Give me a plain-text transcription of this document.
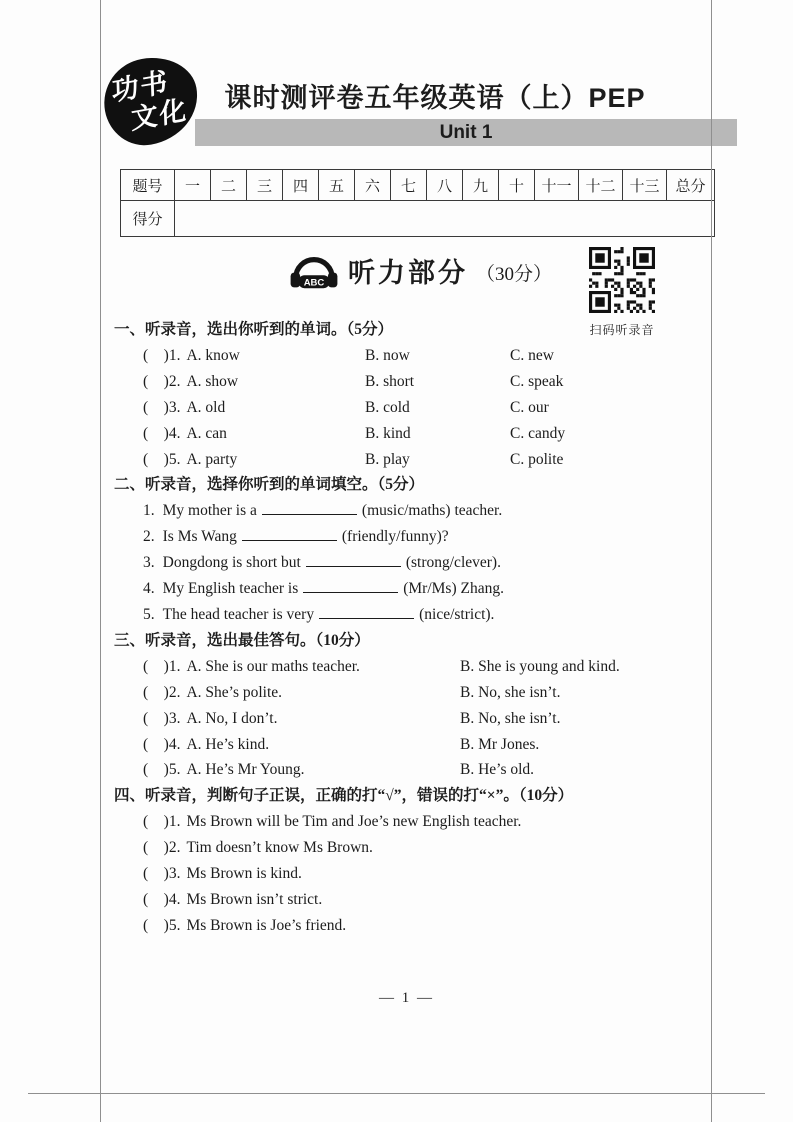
功书
文化	课时测评卷五年级英语（上）PEP
Unit 1
题号	一	二	三	四	五	六	七	八	九	十	十一	十二	十三	总分
得分														
ABC 听力部分 （30分）
扫码听录音
一、听录音，选出你听到的单词。（5分）
(    )1. A. know	B. now	C. new
(    )2. A. show	B. short	C. speak
(    )3. A. old	B. cold	C. our
(    )4. A. can	B. kind	C. candy
(    )5. A. party	B. play	C. polite
二、听录音，选择你听到的单词填空。（5分）
1. My mother is a	(music/maths) teacher.
2. Is Ms Wang	(friendly/funny)?
3. Dongdong is short but	(strong/clever).
4. My English teacher is	(Mr/Ms) Zhang.
5. The head teacher is very	(nice/strict).
三、听录音，选出最佳答句。（10分）
(    )1. A. She is our maths teacher.	B. She is young and kind.
(    )2. A. She’s polite.	B. No, she isn’t.
(    )3. A. No, I don’t.	B. No, she isn’t.
(    )4. A. He’s kind.	B. Mr Jones.
(    )5. A. He’s Mr Young.	B. He’s old.
四、听录音，判断句子正误，正确的打“√”，错误的打“×”。（10分）
(    )1. Ms Brown will be Tim and Joe’s new English teacher.
(    )2. Tim doesn’t know Ms Brown.
(    )3. Ms Brown is kind.
(    )4. Ms Brown isn’t strict.
(    )5. Ms Brown is Joe’s friend.
— 1 —
